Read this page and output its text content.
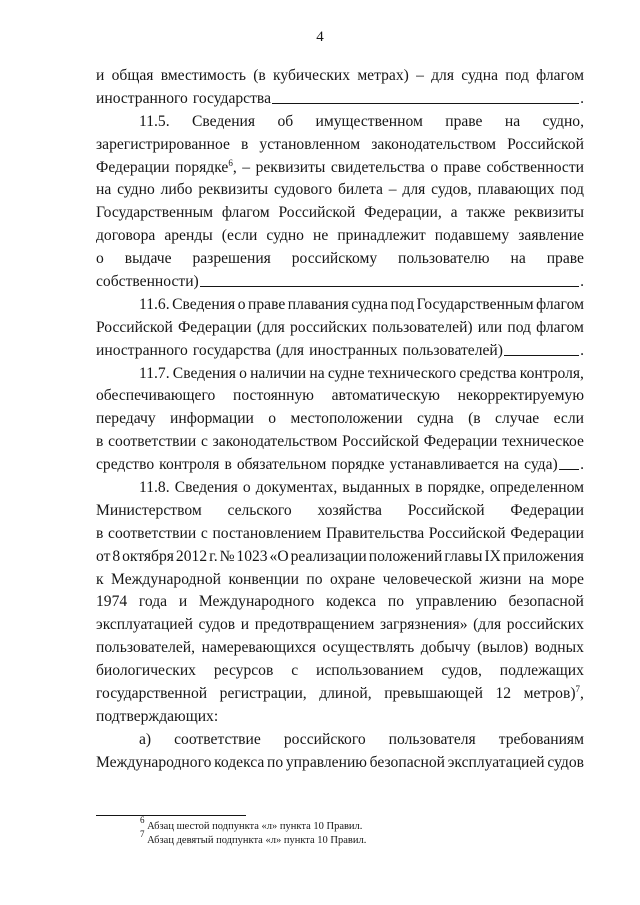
4
и общая вместимость (в кубических метрах) – для судна под флагом
иностранного государства	.
11.5. Сведения об имущественном праве на судно,
зарегистрированное в установленном законодательством Российской
Федерации порядке$^6$, – реквизиты свидетельства о праве собственности
на судно либо реквизиты судового билета – для судов, плавающих под
Государственным флагом Российской Федерации, а также реквизиты
договора аренды (если судно не принадлежит подавшему заявление
о выдаче разрешения российскому пользователю на праве
собственности)	.
11.6. Сведения о праве плавания судна под Государственным флагом
Российской Федерации (для российских пользователей) или под флагом
иностранного государства (для иностранных пользователей)	.
11.7. Сведения о наличии на судне технического средства контроля,
обеспечивающего постоянную автоматическую некорректируемую
передачу информации о местоположении судна (в случае если
в соответствии с законодательством Российской Федерации техническое
средство контроля в обязательном порядке устанавливается на суда) .
11.8. Сведения о документах, выданных в порядке, определенном
Министерством сельского хозяйства Российской Федерации
в соответствии с постановлением Правительства Российской Федерации
от 8 октября 2012 г. № 1023 «О реализации положений главы IX приложения
к Международной конвенции по охране человеческой жизни на море
1974 года и Международного кодекса по управлению безопасной
эксплуатацией судов и предотвращением загрязнения» (для российских
пользователей, намеревающихся осуществлять добычу (вылов) водных
биологических ресурсов с использованием судов, подлежащих
государственной регистрации, длиной, превышающей 12 метров)$^7$,
подтверждающих:
а) соответствие российского пользователя требованиям
Международного кодекса по управлению безопасной эксплуатацией судов
$^6$ Абзац шестой подпункта «л» пункта 10 Правил.
$^7$ Абзац девятый подпункта «л» пункта 10 Правил.
